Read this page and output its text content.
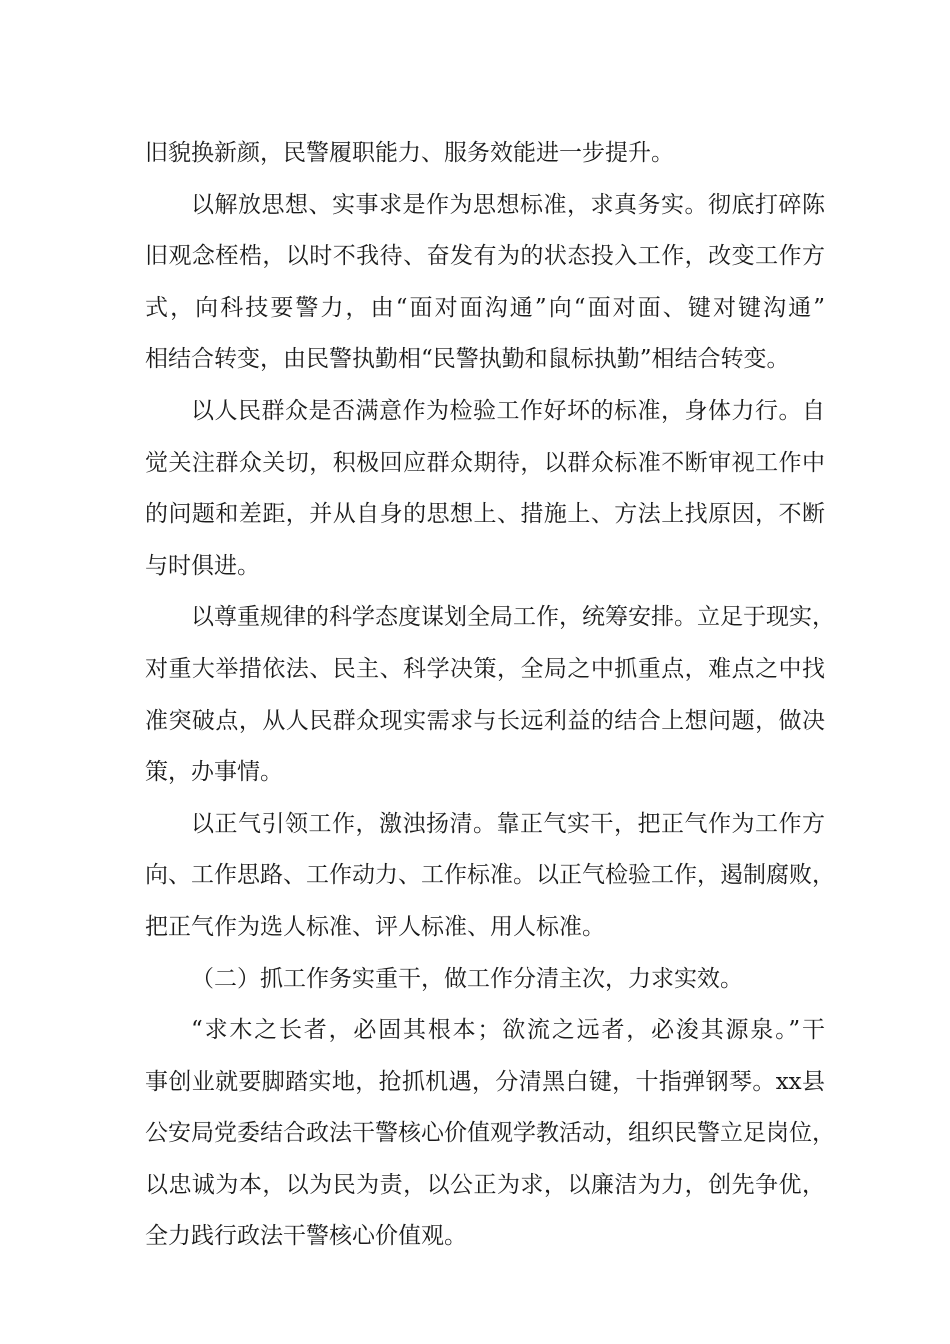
旧貌换新颜，民警履职能力、服务效能进一步提升。
以解放思想、实事求是作为思想标准，求真务实。彻底打碎陈
旧观念桎梏，以时不我待、奋发有为的状态投入工作，改变工作方
式，向科技要警力，由“面对面沟通”向“面对面、键对键沟通”
相结合转变，由民警执勤相“民警执勤和鼠标执勤”相结合转变。
以人民群众是否满意作为检验工作好坏的标准，身体力行。自
觉关注群众关切，积极回应群众期待，以群众标准不断审视工作中
的问题和差距，并从自身的思想上、措施上、方法上找原因，不断
与时俱进。
以尊重规律的科学态度谋划全局工作，统筹安排。立足于现实，
对重大举措依法、民主、科学决策，全局之中抓重点，难点之中找
准突破点，从人民群众现实需求与长远利益的结合上想问题，做决
策，办事情。
以正气引领工作，激浊扬清。靠正气实干，把正气作为工作方
向、工作思路、工作动力、工作标准。以正气检验工作，遏制腐败，
把正气作为选人标准、评人标准、用人标准。
（二）抓工作务实重干，做工作分清主次，力求实效。
“求木之长者，必固其根本；欲流之远者，必浚其源泉。”干
事创业就要脚踏实地，抢抓机遇，分清黑白键，十指弹钢琴。xx县
公安局党委结合政法干警核心价值观学教活动，组织民警立足岗位，
以忠诚为本，以为民为责，以公正为求，以廉洁为力，创先争优，
全力践行政法干警核心价值观。
